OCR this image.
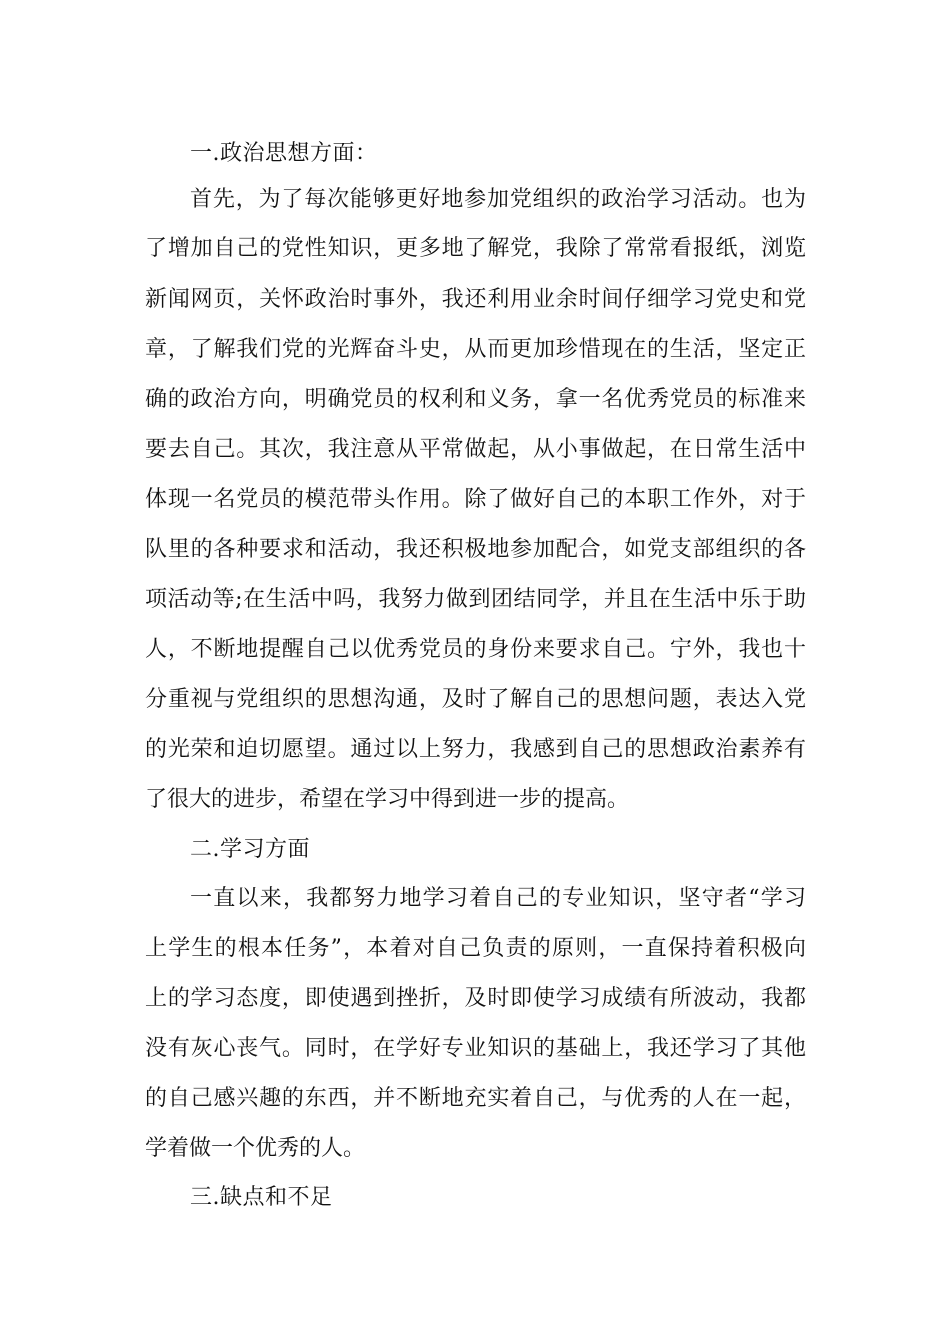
一.政治思想方面：

首先，为了每次能够更好地参加党组织的政治学习活动。也为

了增加自己的党性知识，更多地了解党，我除了常常看报纸，浏览

新闻网页，关怀政治时事外，我还利用业余时间仔细学习党史和党

章，了解我们党的光辉奋斗史，从而更加珍惜现在的生活，坚定正

确的政治方向，明确党员的权利和义务，拿一名优秀党员的标准来

要去自己。其次，我注意从平常做起，从小事做起，在日常生活中

体现一名党员的模范带头作用。除了做好自己的本职工作外，对于

队里的各种要求和活动，我还积极地参加配合，如党支部组织的各

项活动等;在生活中吗，我努力做到团结同学，并且在生活中乐于助

人，不断地提醒自己以优秀党员的身份来要求自己。宁外，我也十

分重视与党组织的思想沟通，及时了解自己的思想问题，表达入党

的光荣和迫切愿望。通过以上努力，我感到自己的思想政治素养有

了很大的进步，希望在学习中得到进一步的提高。

二.学习方面

一直以来，我都努力地学习着自己的专业知识，坚守者“学习

上学生的根本任务”，本着对自己负责的原则，一直保持着积极向

上的学习态度，即使遇到挫折，及时即使学习成绩有所波动，我都

没有灰心丧气。同时，在学好专业知识的基础上，我还学习了其他

的自己感兴趣的东西，并不断地充实着自己，与优秀的人在一起，

学着做一个优秀的人。

三.缺点和不足
